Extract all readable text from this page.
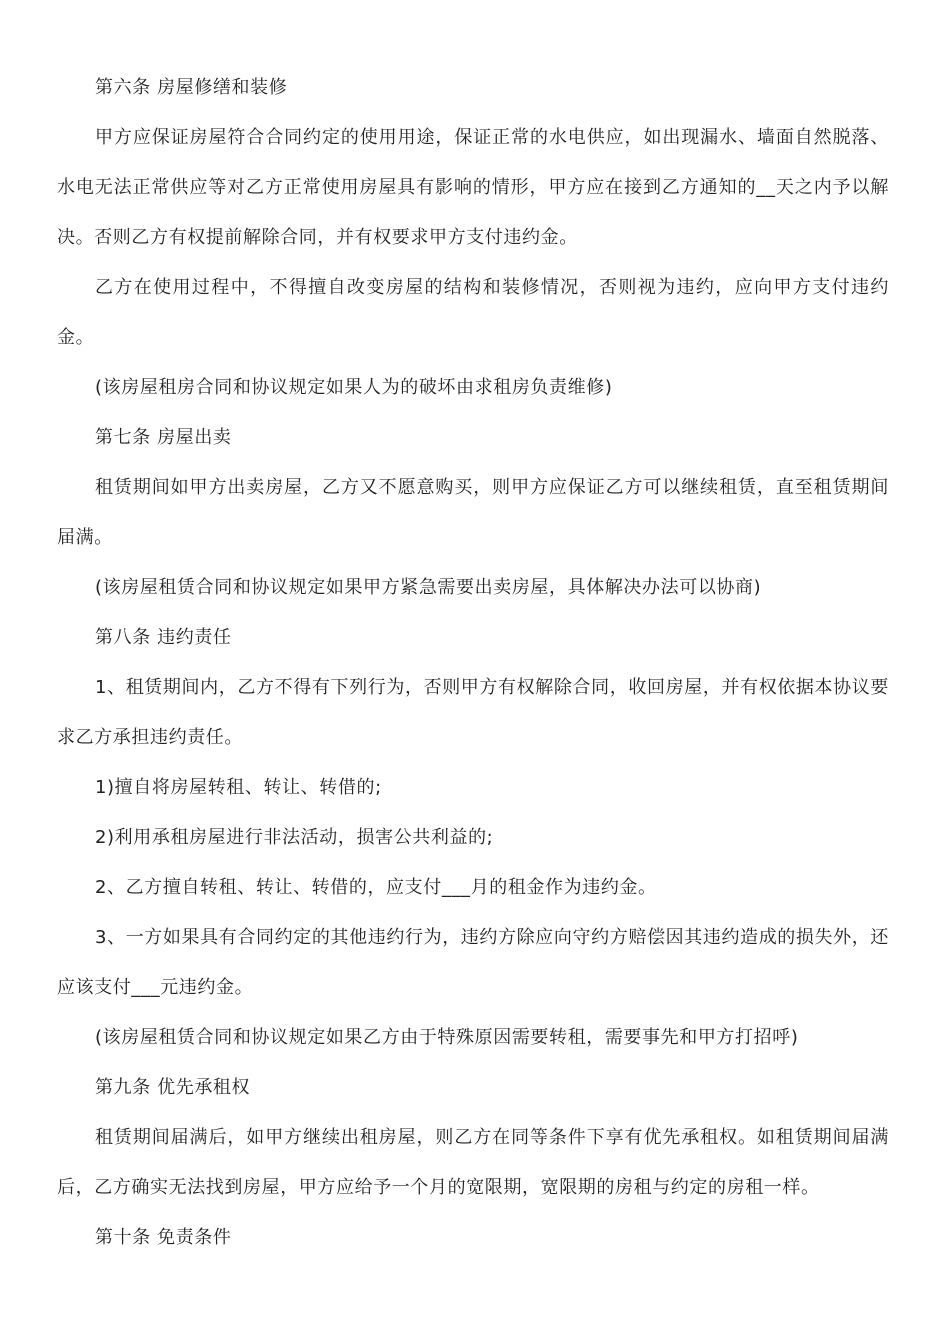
第六条 房屋修缮和装修

甲方应保证房屋符合合同约定的使用用途，保证正常的水电供应，如出现漏水、墙面自然脱落、水电无法正常供应等对乙方正常使用房屋具有影响的情形，甲方应在接到乙方通知的__天之内予以解决。否则乙方有权提前解除合同，并有权要求甲方支付违约金。

乙方在使用过程中，不得擅自改变房屋的结构和装修情况，否则视为违约，应向甲方支付违约金。

(该房屋租房合同和协议规定如果人为的破坏由求租房负责维修)

第七条 房屋出卖

租赁期间如甲方出卖房屋，乙方又不愿意购买，则甲方应保证乙方可以继续租赁，直至租赁期间届满。

(该房屋租赁合同和协议规定如果甲方紧急需要出卖房屋，具体解决办法可以协商)

第八条 违约责任

1、租赁期间内，乙方不得有下列行为，否则甲方有权解除合同，收回房屋，并有权依据本协议要求乙方承担违约责任。

1)擅自将房屋转租、转让、转借的;

2)利用承租房屋进行非法活动，损害公共利益的;

2、乙方擅自转租、转让、转借的，应支付___月的租金作为违约金。

3、一方如果具有合同约定的其他违约行为，违约方除应向守约方赔偿因其违约造成的损失外，还应该支付___元违约金。

(该房屋租赁合同和协议规定如果乙方由于特殊原因需要转租，需要事先和甲方打招呼)

第九条 优先承租权

租赁期间届满后，如甲方继续出租房屋，则乙方在同等条件下享有优先承租权。如租赁期间届满后，乙方确实无法找到房屋，甲方应给予一个月的宽限期，宽限期的房租与约定的房租一样。

第十条 免责条件
